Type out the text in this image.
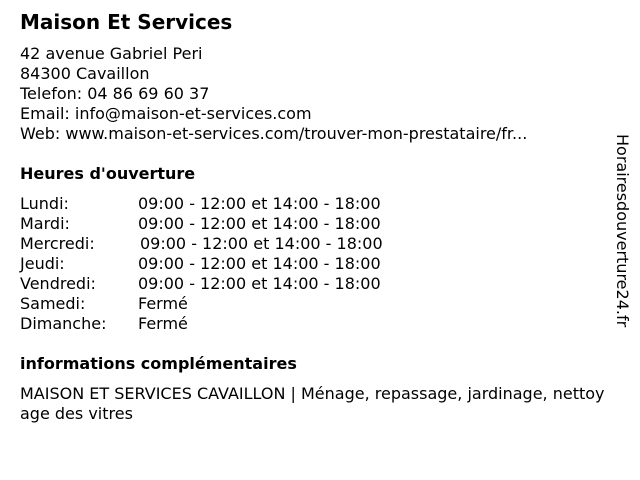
Maison Et Services
42 avenue Gabriel Peri
84300 Cavaillon
Telefon: 04 86 69 60 37
Email: info@maison-et-services.com
Web: www.maison-et-services.com/trouver-mon-prestataire/fr...
Heures d'ouverture
Lundi:	09:00 - 12:00 et 14:00 - 18:00
Mardi:	09:00 - 12:00 et 14:00 - 18:00
Mercredi:	09:00 - 12:00 et 14:00 - 18:00
Jeudi:	09:00 - 12:00 et 14:00 - 18:00
Vendredi:	09:00 - 12:00 et 14:00 - 18:00
Samedi:	Fermé
Dimanche: Fermé
informations complémentaires
MAISON ET SERVICES CAVAILLON | Ménage, repassage, jardinage, nettoyage des vitres
Horairesdouverture24.fr
